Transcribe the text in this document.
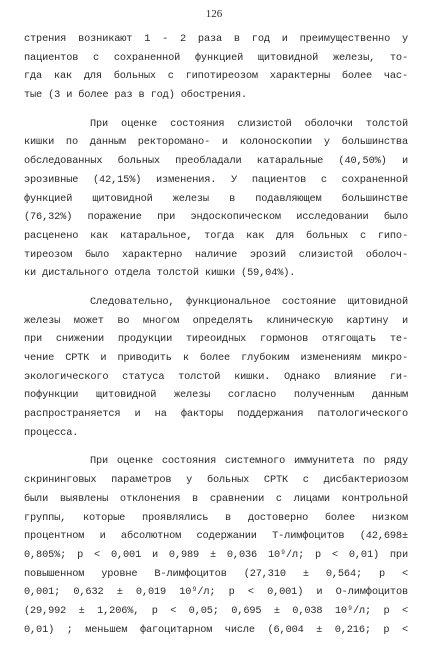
126
стрения возникают 1 - 2 раза в год и преимущественно у
пациентов с сохраненной функцией щитовидной железы, то-
гда как для больных с гипотиреозом характерны более час-
тые (3 и более раз в год) обострения.
При оценке состояния слизистой оболочки толстой
кишки по данным ректоромано- и колоноскопии у большинства
обследованных больных преобладали катаральные (40,50%) и
эрозивные (42,15%) изменения. У пациентов с сохраненной
функцией щитовидной железы в подавляющем большинстве
(76,32%) поражение при эндоскопическом исследовании было
расценено как катаральное, тогда как для больных с гипо-
тиреозом было характерно наличие эрозий слизистой оболоч-
ки дистального отдела толстой кишки (59,04%).
Следовательно, функциональное состояние щитовидной
железы может во многом определять клиническую картину и
при снижении продукции тиреоидных гормонов отягощать те-
чение СРТК и приводить к более глубоким изменениям микро-
экологического статуса толстой кишки. Однако влияние ги-
пофункции щитовидной железы согласно полученным данным
распространяется и на факторы поддержания патологического
процесса.
При оценке состояния системного иммунитета по ряду
скрининговых параметров у больных СРТК с дисбактериозом
были выявлены отклонения в сравнении с лицами контрольной
группы, которые проявлялись в достоверно более низком
процентном и абсолютном содержании Т-лимфоцитов (42,698±
0,805%; р < 0,001 и 0,989 ± 0,036 10⁹/л; р < 0,01) при
повышенном уровне В-лимфоцитов (27,310 ± 0,564; р <
0,001; 0,632 ± 0,019 10⁹/л; р < 0,001) и О-лимфоцитов
(29,992 ± 1,206%, р < 0,05; 0,695 ± 0,038 10⁹/л; р <
0,01) ; меньшем фагоцитарном числе (6,004 ± 0,216; р <
